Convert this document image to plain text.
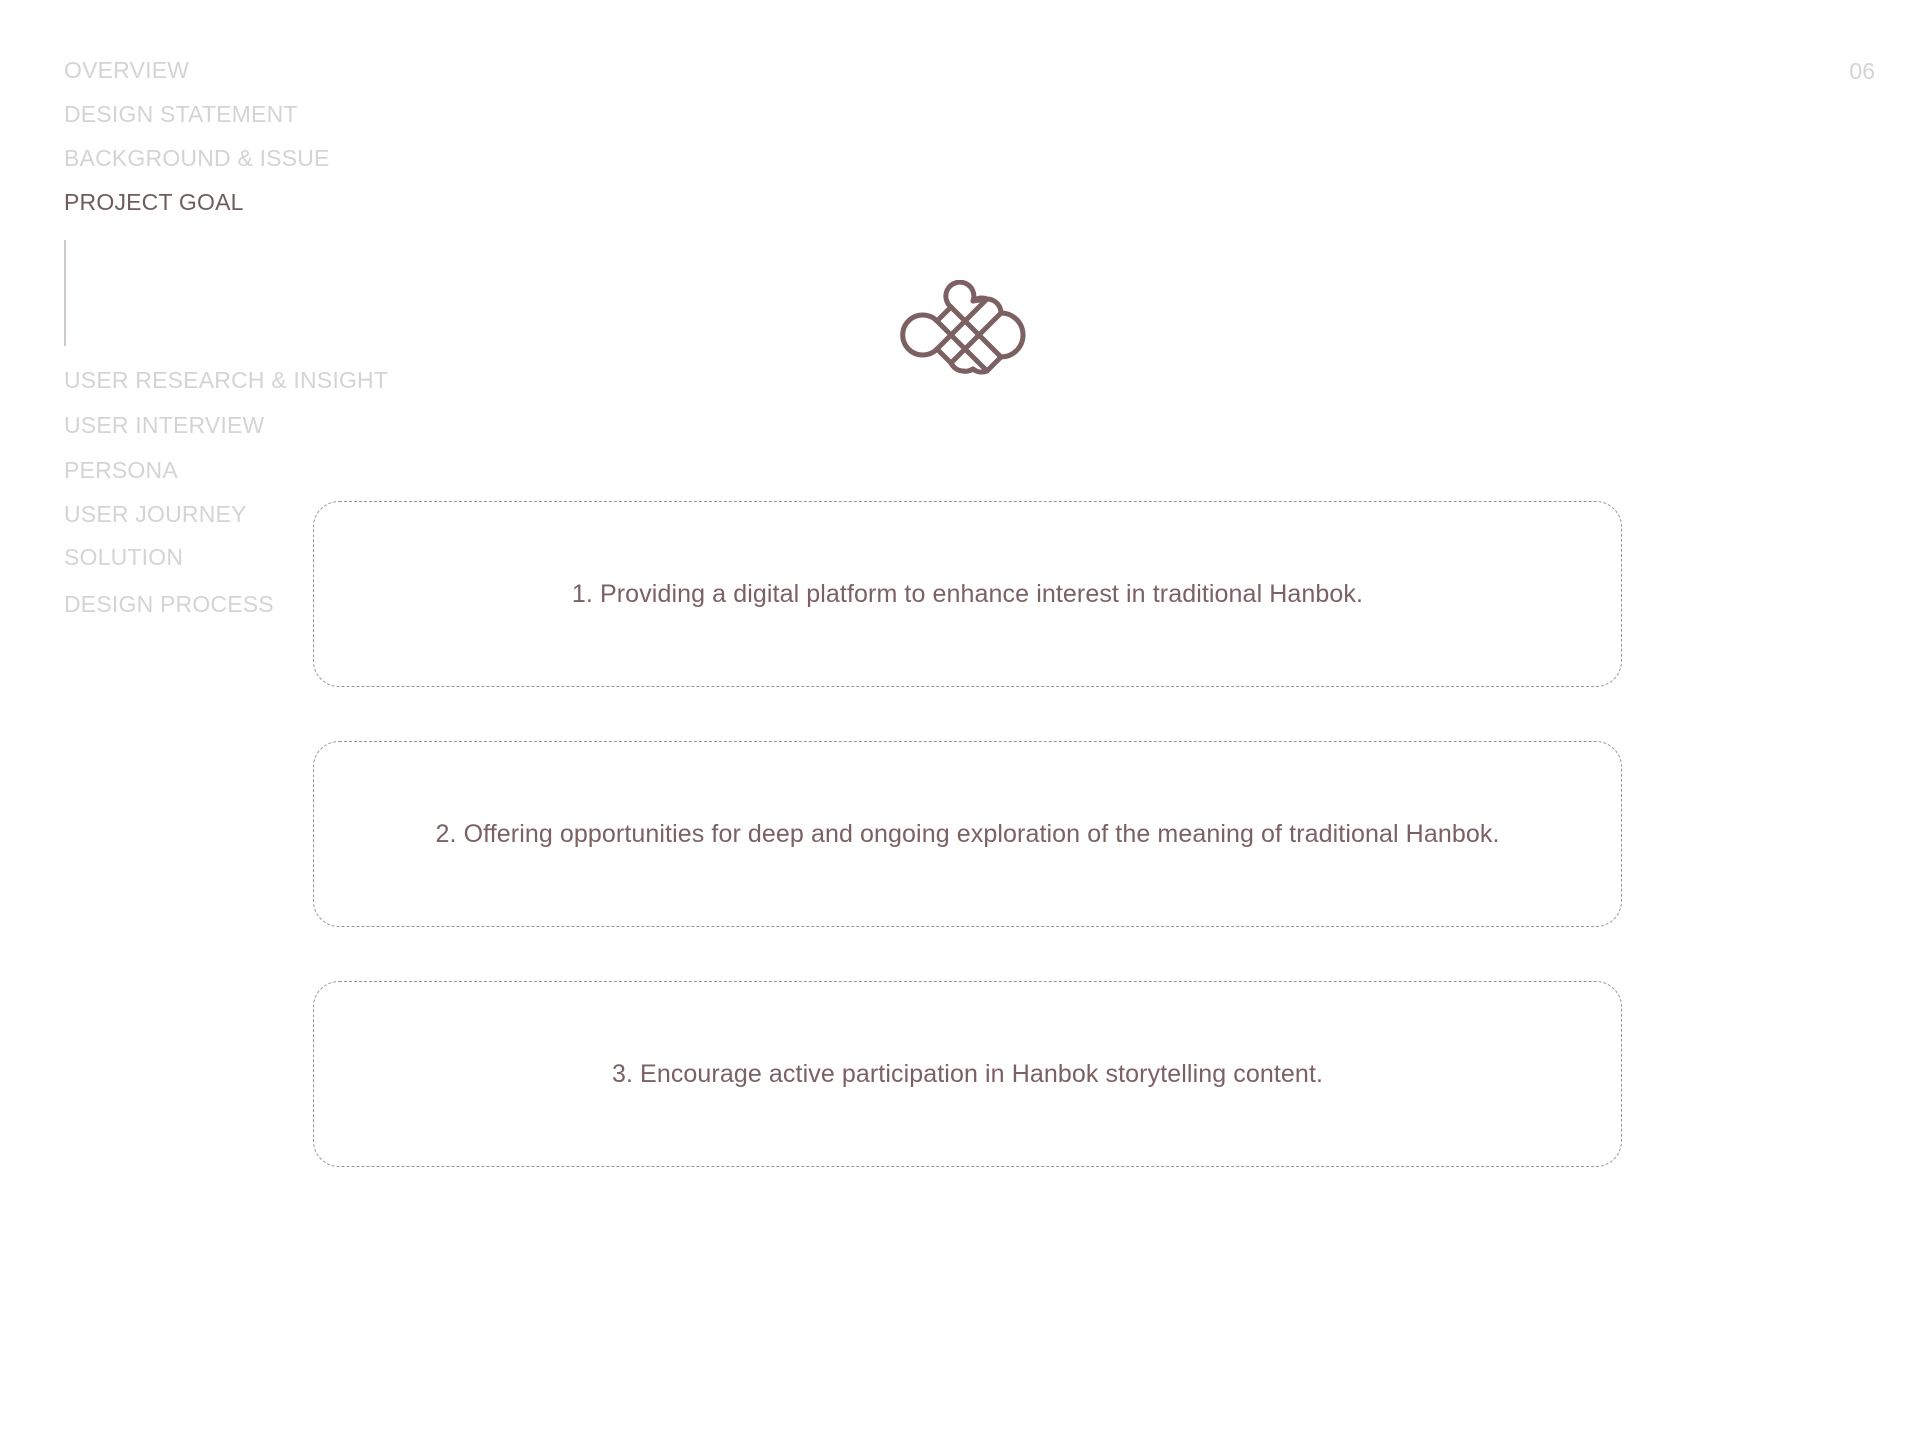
OVERVIEW
DESIGN STATEMENT
BACKGROUND & ISSUE
PROJECT GOAL
USER RESEARCH & INSIGHT
USER INTERVIEW
PERSONA
USER JOURNEY
SOLUTION
DESIGN PROCESS
06
1. Providing a digital platform to enhance interest in traditional Hanbok.
2. Offering opportunities for deep and ongoing exploration of the meaning of traditional Hanbok.
3. Encourage active participation in Hanbok storytelling content.
